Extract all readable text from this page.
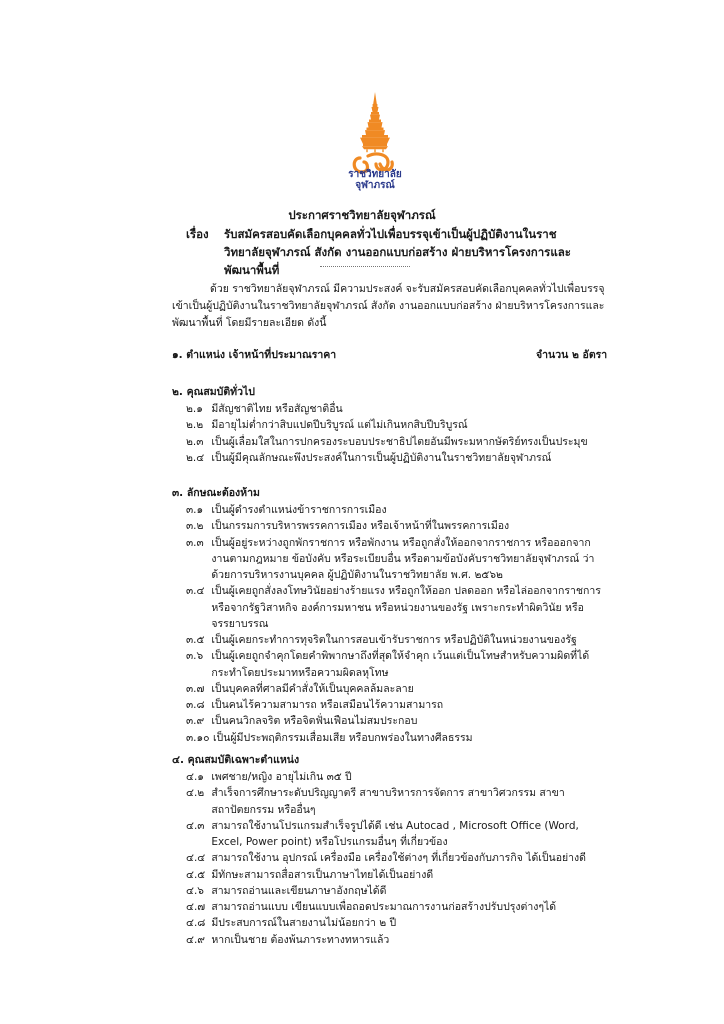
ราชวิทยาลัย
จุฬาภรณ์
ประกาศราชวิทยาลัยจุฬาภรณ์
เรื่อง รับสมัครสอบคัดเลือกบุคคลทั่วไปเพื่อบรรจุเข้าเป็นผู้ปฏิบัติงานในราชวิทยาลัยจุฬาภรณ์ สังกัด งานออกแบบก่อสร้าง ฝ่ายบริหารโครงการและพัฒนาพื้นที่
ด้วย ราชวิทยาลัยจุฬาภรณ์ มีความประสงค์ จะรับสมัครสอบคัดเลือกบุคคลทั่วไปเพื่อบรรจุเข้าเป็นผู้ปฏิบัติงานในราชวิทยาลัยจุฬาภรณ์ สังกัด งานออกแบบก่อสร้าง ฝ่ายบริหารโครงการและพัฒนาพื้นที่ โดยมีรายละเอียด ดังนี้
๑. ตำแหน่ง เจ้าหน้าที่ประมาณราคา	จำนวน ๒ อัตรา
๒. คุณสมบัติทั่วไป
๒.๑
มีสัญชาติไทย หรือสัญชาติอื่น
๒.๒
มีอายุไม่ต่ำกว่าสิบแปดปีบริบูรณ์ แต่ไม่เกินหกสิบปีบริบูรณ์
๒.๓
เป็นผู้เลื่อมใสในการปกครองระบอบประชาธิปไตยอันมีพระมหากษัตริย์ทรงเป็นประมุข
๒.๔
เป็นผู้มีคุณลักษณะพึงประสงค์ในการเป็นผู้ปฏิบัติงานในราชวิทยาลัยจุฬาภรณ์
๓. ลักษณะต้องห้าม
๓.๑
เป็นผู้ดำรงตำแหน่งข้าราชการการเมือง
๓.๒
เป็นกรรมการบริหารพรรคการเมือง หรือเจ้าหน้าที่ในพรรคการเมือง
๓.๓
เป็นผู้อยู่ระหว่างถูกพักราชการ หรือพักงาน หรือถูกสั่งให้ออกจากราชการ หรือออกจากงานตามกฎหมาย ข้อบังคับ หรือระเบียบอื่น หรือตามข้อบังคับราชวิทยาลัยจุฬาภรณ์ ว่าด้วยการบริหารงานบุคคล ผู้ปฏิบัติงานในราชวิทยาลัย พ.ศ. ๒๕๖๒
๓.๔
เป็นผู้เคยถูกสั่งลงโทษวินัยอย่างร้ายแรง หรือถูกให้ออก ปลดออก หรือไล่ออกจากราชการ หรือจากรัฐวิสาหกิจ องค์การมหาชน หรือหน่วยงานของรัฐ เพราะกระทำผิดวินัย หรือจรรยาบรรณ
๓.๕
เป็นผู้เคยกระทำการทุจริตในการสอบเข้ารับราชการ หรือปฏิบัติในหน่วยงานของรัฐ
๓.๖
เป็นผู้เคยถูกจำคุกโดยคำพิพากษาถึงที่สุดให้จำคุก เว้นแต่เป็นโทษสำหรับความผิดที่ได้กระทำโดยประมาทหรือความผิดลหุโทษ
๓.๗
เป็นบุคคลที่ศาลมีคำสั่งให้เป็นบุคคลล้มละลาย
๓.๘
เป็นคนไร้ความสามารถ หรือเสมือนไร้ความสามารถ
๓.๙
เป็นคนวิกลจริต หรือจิตฟั่นเฟือนไม่สมประกอบ
๓.๑๐
เป็นผู้มีประพฤติกรรมเสื่อมเสีย หรือบกพร่องในทางศีลธรรม
๔. คุณสมบัติเฉพาะตำแหน่ง
๔.๑
เพศชาย/หญิง อายุไม่เกิน ๓๕ ปี
๔.๒
สำเร็จการศึกษาระดับปริญญาตรี สาขาบริหารการจัดการ สาขาวิศวกรรม สาขาสถาปัตยกรรม หรืออื่นๆ
๔.๓
สามารถใช้งานโปรแกรมสำเร็จรูปได้ดี เช่น Autocad , Microsoft Office (Word, Excel, Power point) หรือโปรแกรมอื่นๆ ที่เกี่ยวข้อง
๔.๔
สามารถใช้งาน อุปกรณ์ เครื่องมือ เครื่องใช้ต่างๆ ที่เกี่ยวข้องกับภารกิจ ได้เป็นอย่างดี
๔.๕
มีทักษะสามารถสื่อสารเป็นภาษาไทยได้เป็นอย่างดี
๔.๖
สามารถอ่านและเขียนภาษาอังกฤษได้ดี
๔.๗
สามารถอ่านแบบ เขียนแบบเพื่อถอดประมาณการงานก่อสร้างปรับปรุงต่างๆได้
๔.๘
มีประสบการณ์ในสายงานไม่น้อยกว่า ๒ ปี
๔.๙
หากเป็นชาย ต้องพ้นภาระทางทหารแล้ว
